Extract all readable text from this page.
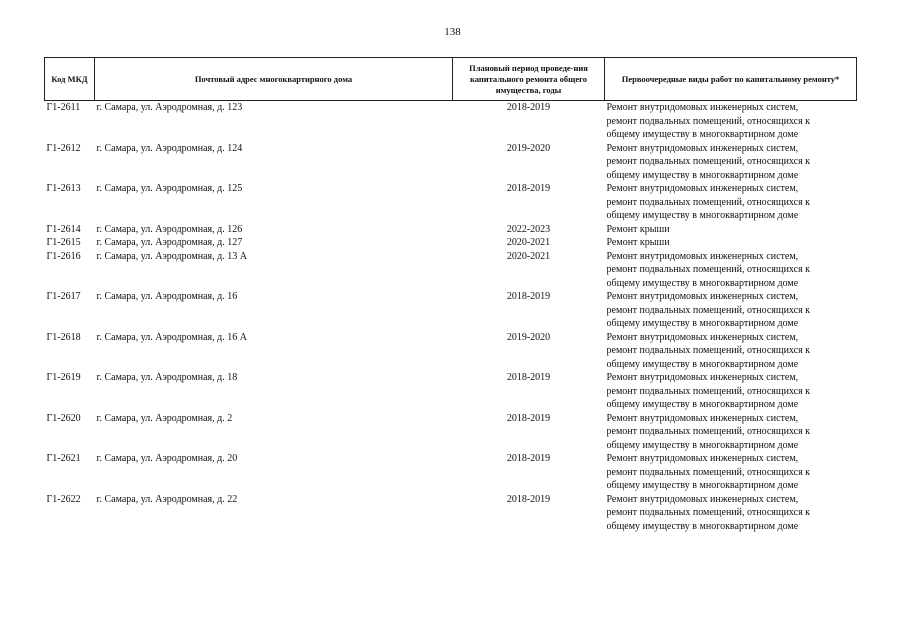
138
Код МКД	Почтовый адрес многоквартирного дома	Плановый период проведе-ния капитального ремонта общего имущества, годы	Первоочередные виды работ по капитальному ремонту*
Г1-2611	г. Самара, ул. Аэродромная, д. 123	2018-2019	Ремонт внутридомовых инженерных систем,
ремонт подвальных помещений, относящихся к
общему имуществу в многоквартирном доме

Г1-2612	г. Самара, ул. Аэродромная, д. 124	2019-2020	Ремонт внутридомовых инженерных систем,
ремонт подвальных помещений, относящихся к
общему имуществу в многоквартирном доме

Г1-2613	г. Самара, ул. Аэродромная, д. 125	2018-2019	Ремонт внутридомовых инженерных систем,
ремонт подвальных помещений, относящихся к
общему имуществу в многоквартирном доме

Г1-2614	г. Самара, ул. Аэродромная, д. 126	2022-2023	Ремонт крыши

Г1-2615	г. Самара, ул. Аэродромная, д. 127	2020-2021	Ремонт крыши

Г1-2616	г. Самара, ул. Аэродромная, д. 13 А	2020-2021	Ремонт внутридомовых инженерных систем,
ремонт подвальных помещений, относящихся к
общему имуществу в многоквартирном доме

Г1-2617	г. Самара, ул. Аэродромная, д. 16	2018-2019	Ремонт внутридомовых инженерных систем,
ремонт подвальных помещений, относящихся к
общему имуществу в многоквартирном доме

Г1-2618	г. Самара, ул. Аэродромная, д. 16 А	2019-2020	Ремонт внутридомовых инженерных систем,
ремонт подвальных помещений, относящихся к
общему имуществу в многоквартирном доме

Г1-2619	г. Самара, ул. Аэродромная, д. 18	2018-2019	Ремонт внутридомовых инженерных систем,
ремонт подвальных помещений, относящихся к
общему имуществу в многоквартирном доме

Г1-2620	г. Самара, ул. Аэродромная, д. 2	2018-2019	Ремонт внутридомовых инженерных систем,
ремонт подвальных помещений, относящихся к
общему имуществу в многоквартирном доме

Г1-2621	г. Самара, ул. Аэродромная, д. 20	2018-2019	Ремонт внутридомовых инженерных систем,
ремонт подвальных помещений, относящихся к
общему имуществу в многоквартирном доме

Г1-2622	г. Самара, ул. Аэродромная, д. 22	2018-2019	Ремонт внутридомовых инженерных систем,
ремонт подвальных помещений, относящихся к
общему имуществу в многоквартирном доме
